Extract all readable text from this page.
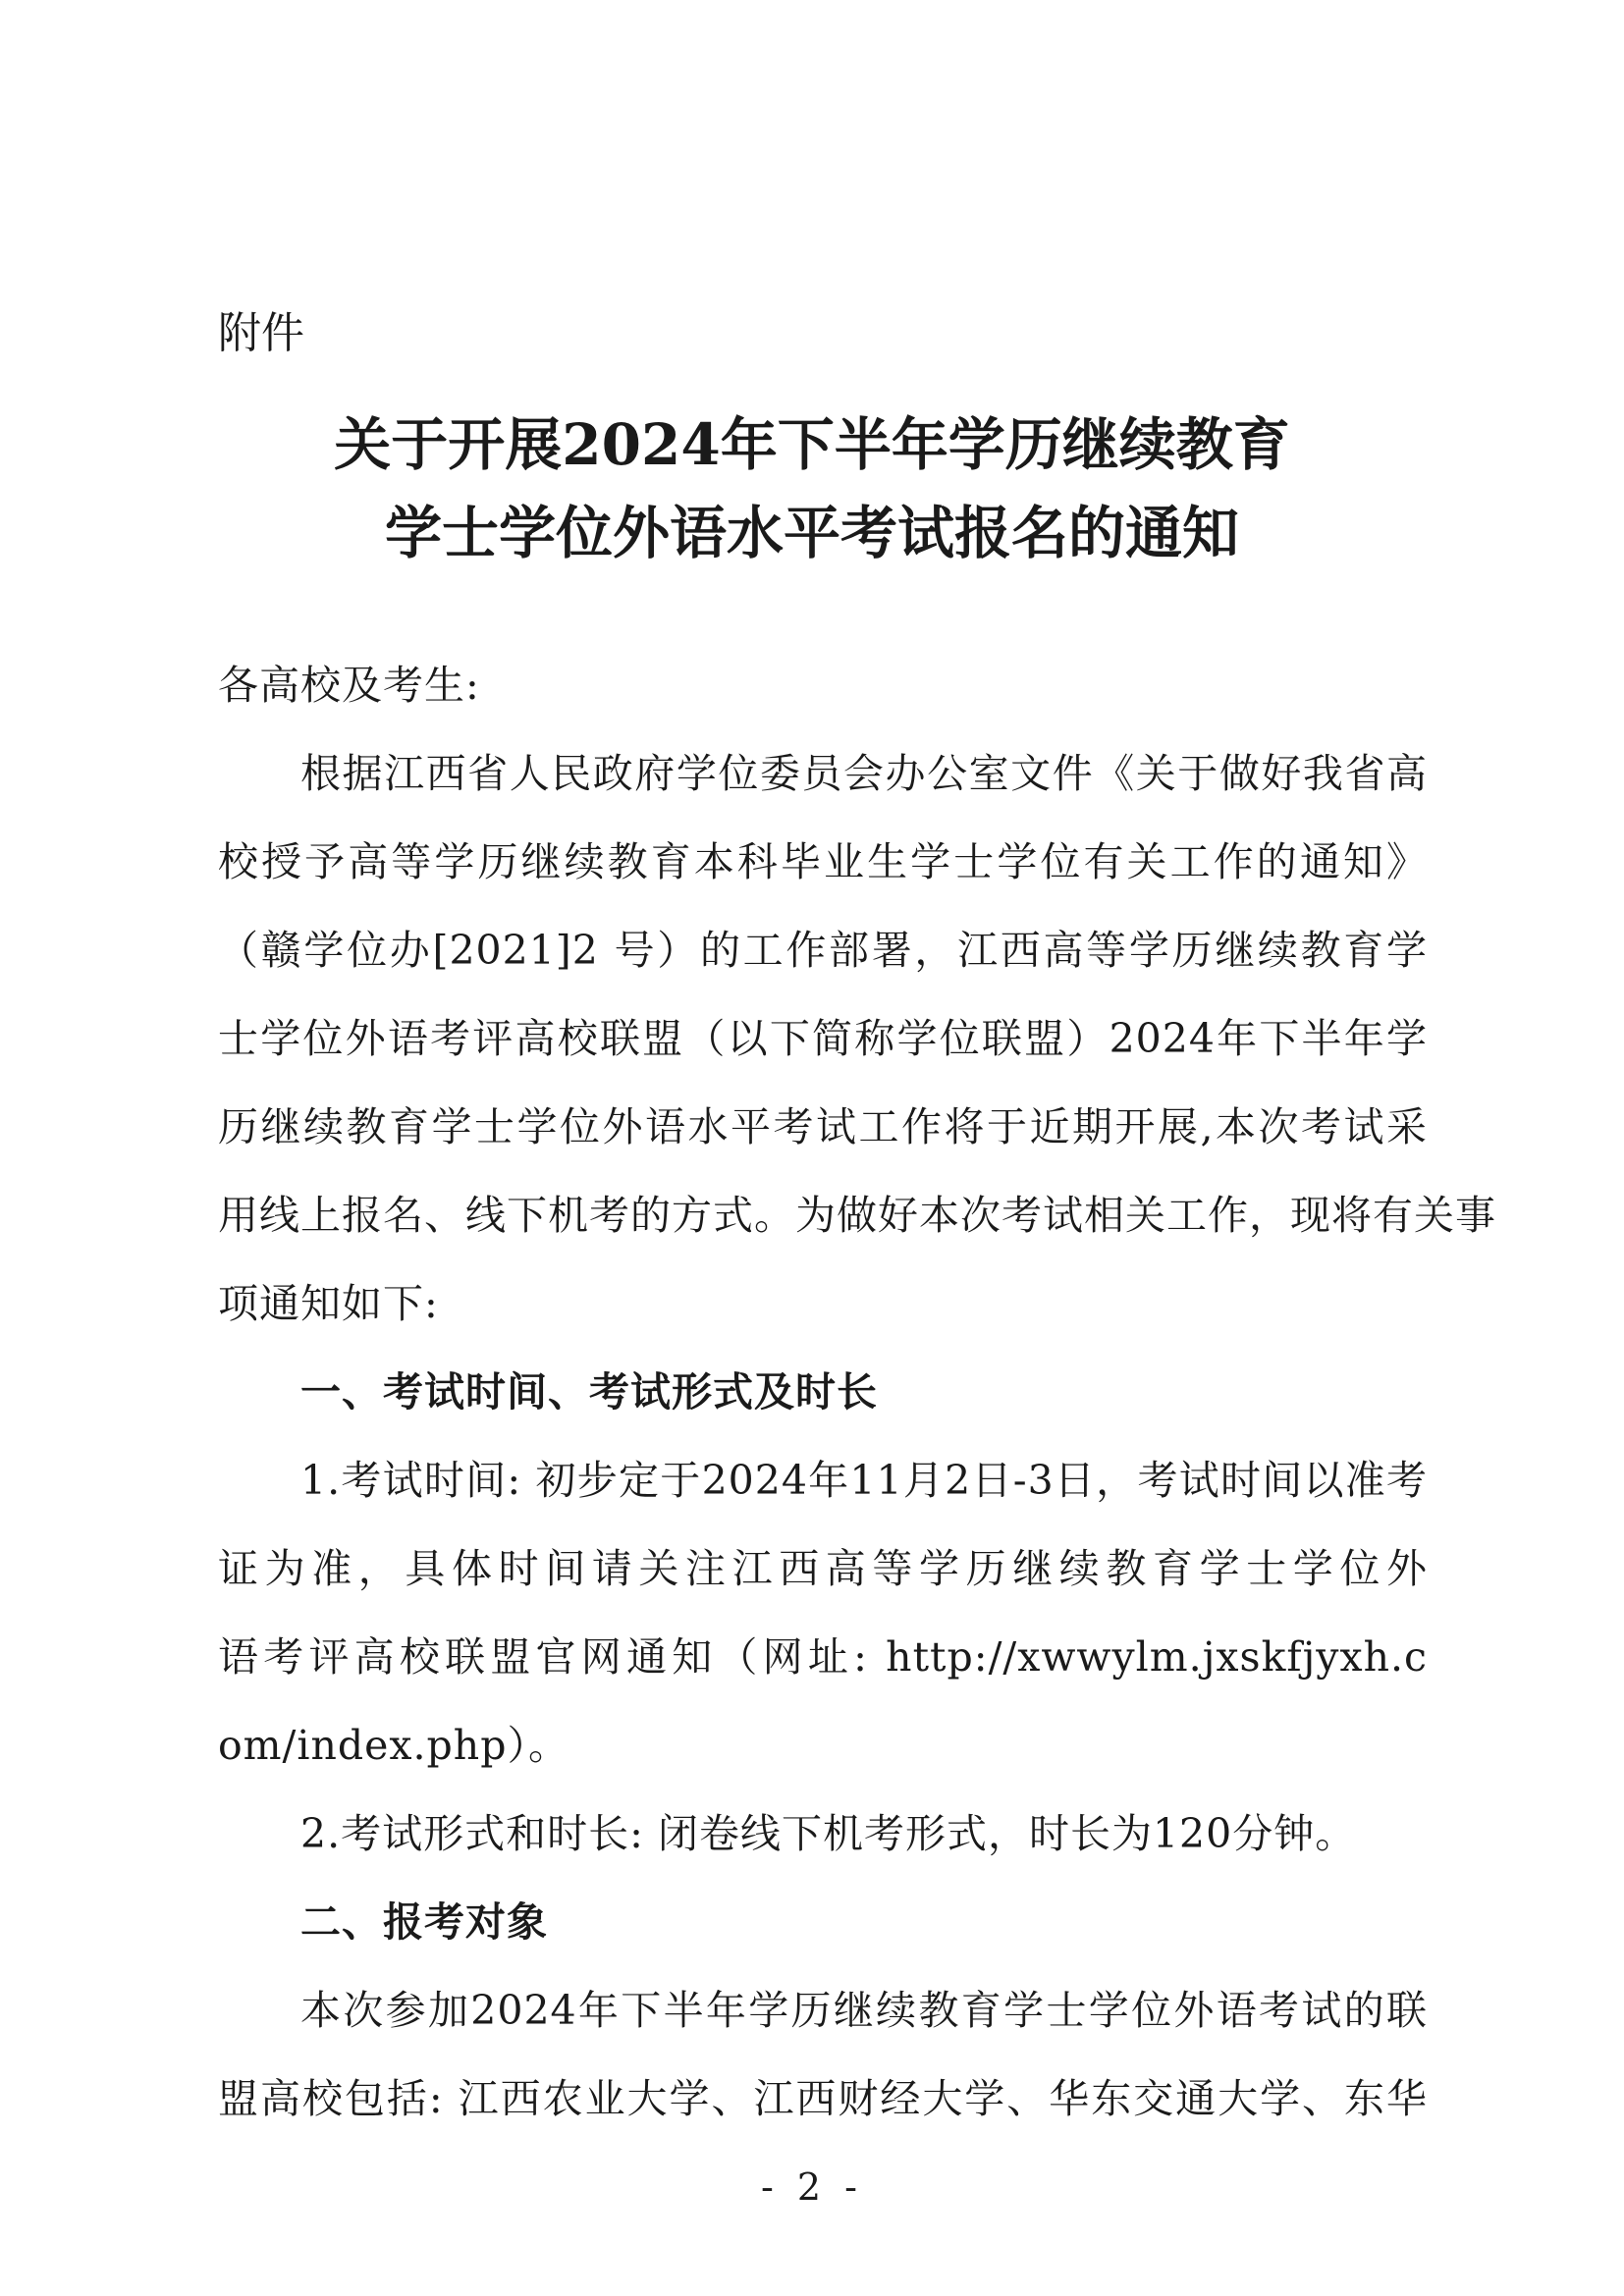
附件

关于开展2024年下半年学历继续教育
学士学位外语水平考试报名的通知

各高校及考生:

根据江西省人民政府学位委员会办公室文件《关于做好我省高

校授予高等学历继续教育本科毕业生学士学位有关工作的通知》

（赣学位办[2021]2 号）的工作部署，江西高等学历继续教育学

士学位外语考评高校联盟（以下简称学位联盟）2024年下半年学

历继续教育学士学位外语水平考试工作将于近期开展,本次考试采

用线上报名、线下机考的方式。为做好本次考试相关工作，现将有关事

项通知如下:

一、考试时间、考试形式及时长

1.考试时间: 初步定于2024年11月2日-3日，考试时间以准考

证为准，具体时间请关注江西高等学历继续教育学士学位外

语考评高校联盟官网通知（网址: http://xwwylm.jxskfjyxh.c

om/index.php）。

2.考试形式和时长: 闭卷线下机考形式，时长为120分钟。

二、报考对象

本次参加2024年下半年学历继续教育学士学位外语考试的联

盟高校包括: 江西农业大学、江西财经大学、华东交通大学、东华

- 2 -
